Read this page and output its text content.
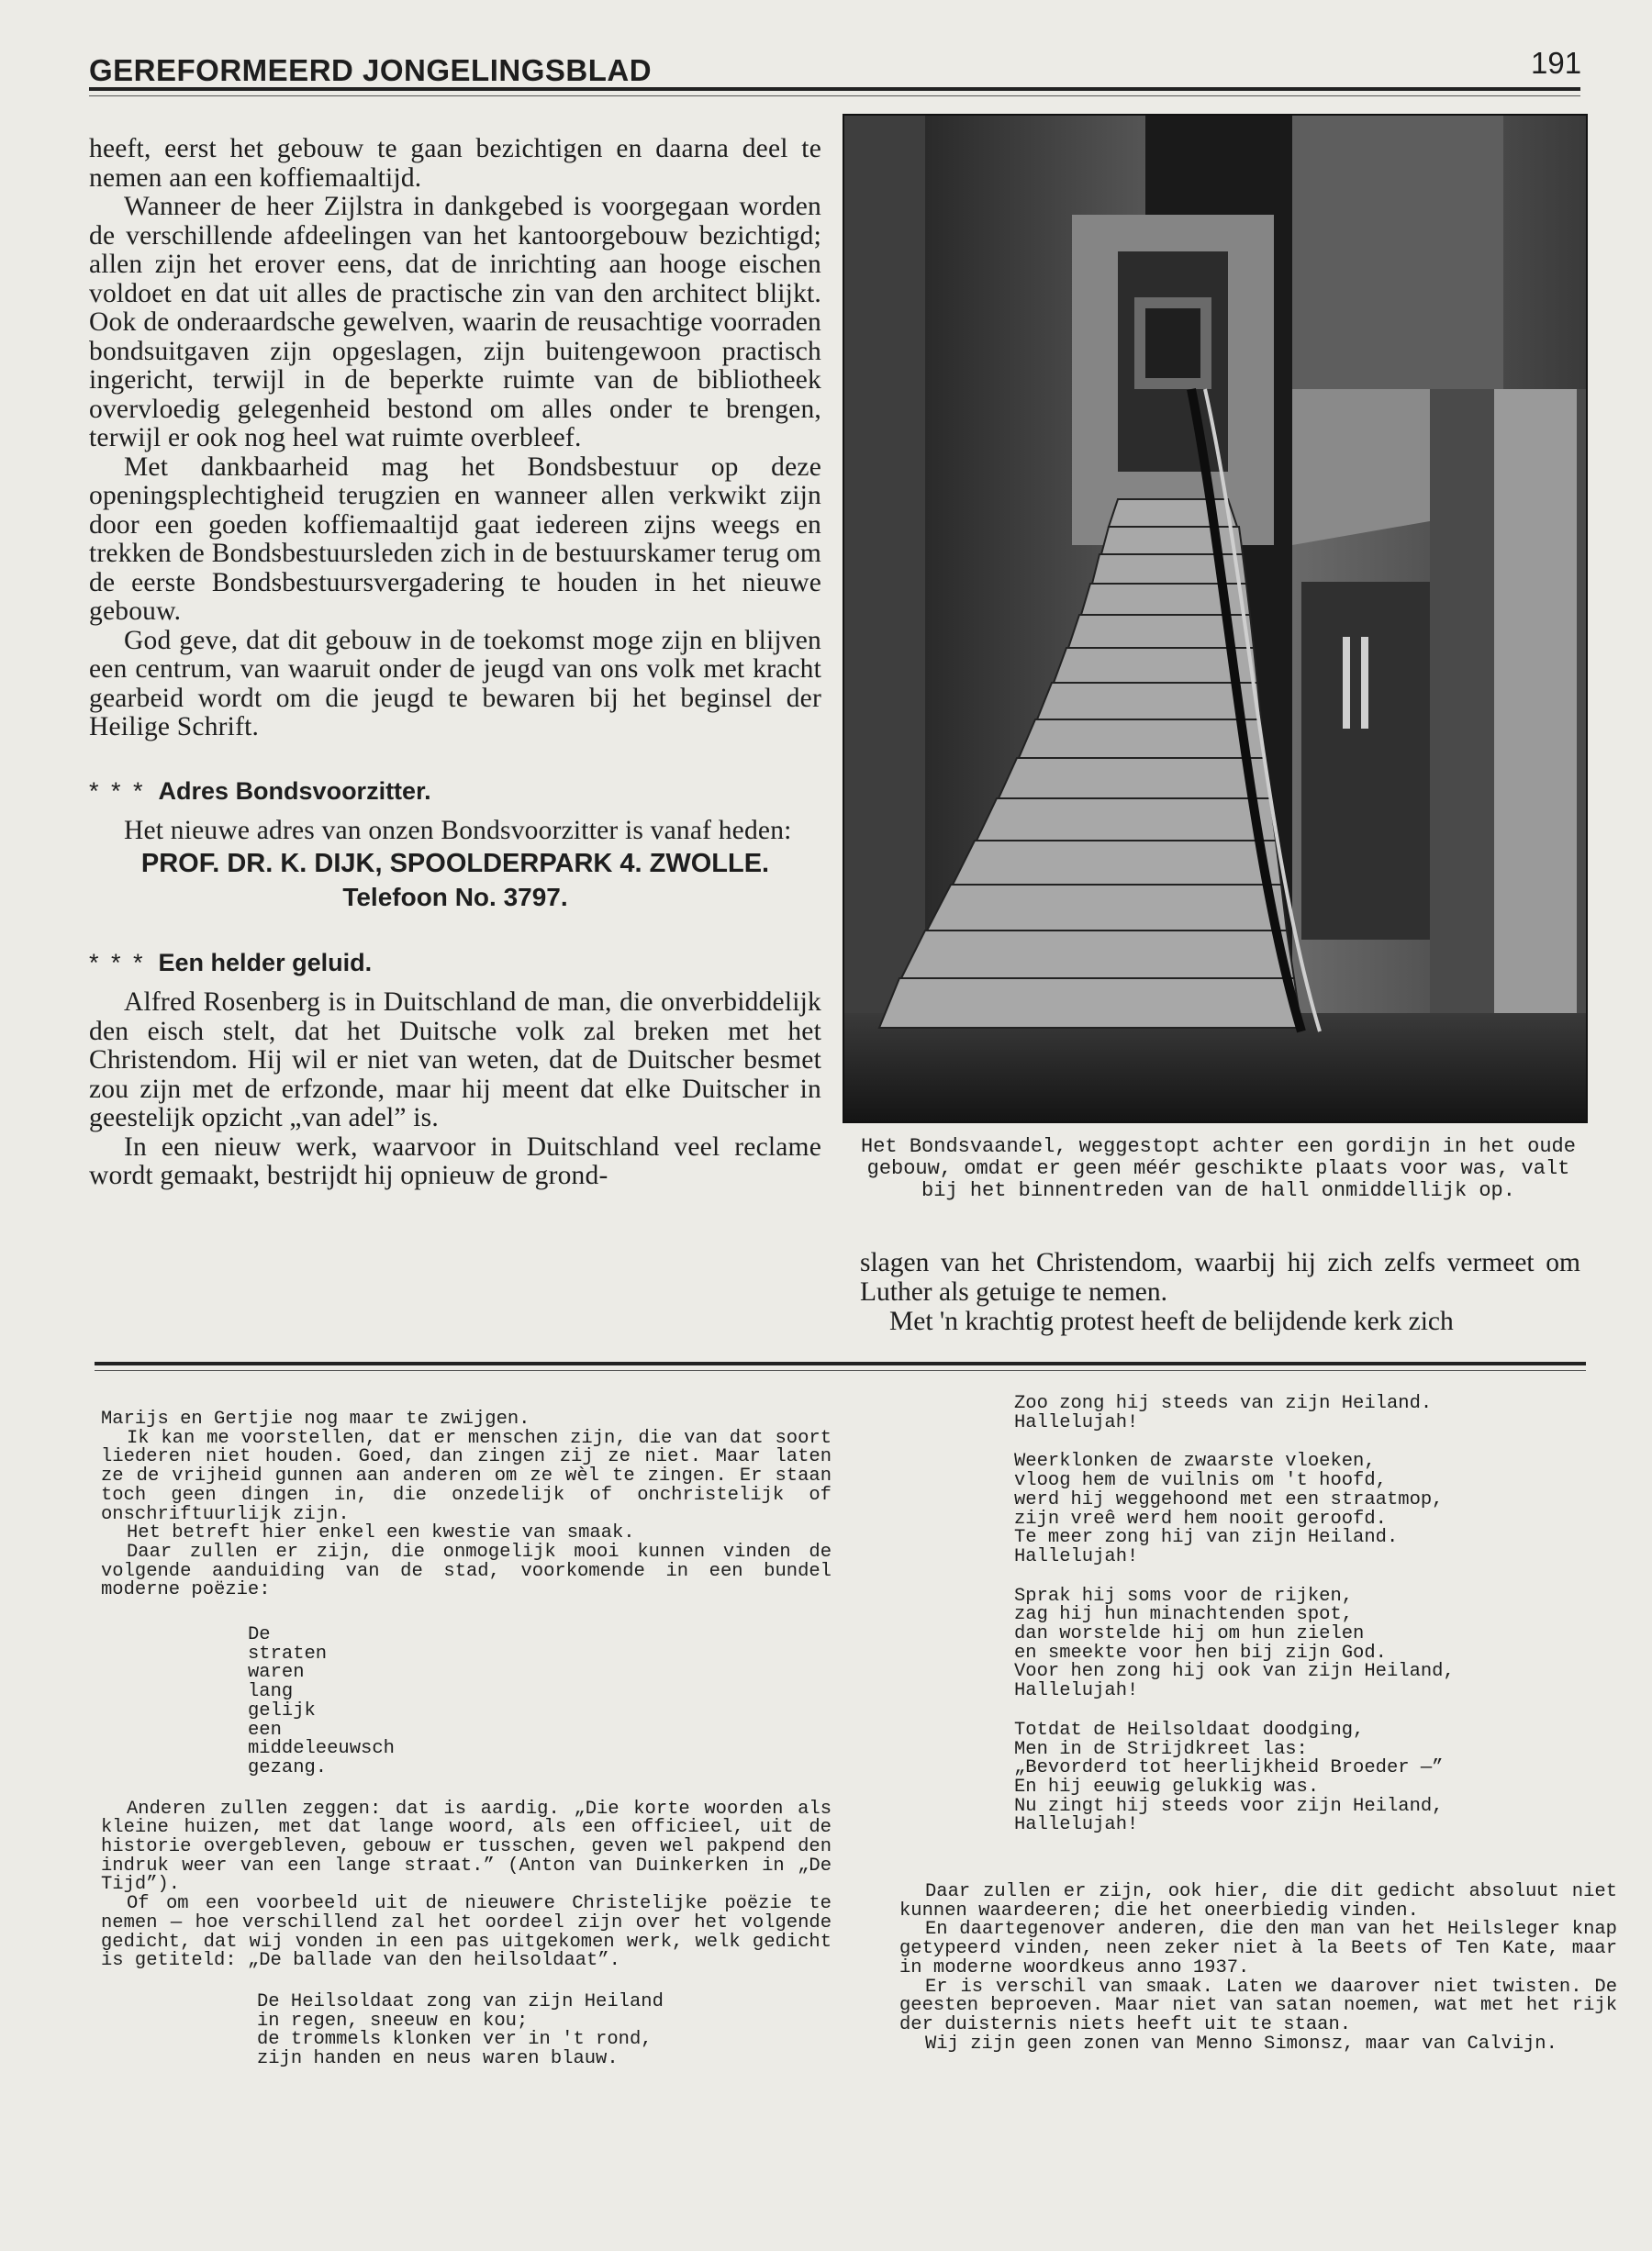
GEREFORMEERD JONGELINGSBLAD	191

heeft, eerst het gebouw te gaan bezichtigen en daarna deel te nemen aan een koffiemaaltijd.

Wanneer de heer Zijlstra in dankgebed is voorgegaan worden de verschillende afdeelingen van het kantoorgebouw bezichtigd; allen zijn het erover eens, dat de inrichting aan hooge eischen voldoet en dat uit alles de practische zin van den architect blijkt. Ook de onderaardsche gewelven, waarin de reusachtige voorraden bondsuitgaven zijn opgeslagen, zijn buitengewoon practisch ingericht, terwijl in de beperkte ruimte van de bibliotheek overvloedig gelegenheid bestond om alles onder te brengen, terwijl er ook nog heel wat ruimte overbleef.

Met dankbaarheid mag het Bondsbestuur op deze openingsplechtigheid terugzien en wanneer allen verkwikt zijn door een goeden koffiemaaltijd gaat iedereen zijns weegs en trekken de Bondsbestuursleden zich in de bestuurskamer terug om de eerste Bondsbestuursvergadering te houden in het nieuwe gebouw.

God geve, dat dit gebouw in de toekomst moge zijn en blijven een centrum, van waaruit onder de jeugd van ons volk met kracht gearbeid wordt om die jeugd te bewaren bij het beginsel der Heilige Schrift.

* * * Adres Bondsvoorzitter.

Het nieuwe adres van onzen Bondsvoorzitter is vanaf heden:

PROF. DR. K. DIJK, SPOOLDERPARK 4. ZWOLLE.
Telefoon No. 3797.
* * * Een helder geluid.

Alfred Rosenberg is in Duitschland de man, die onverbiddelijk den eisch stelt, dat het Duitsche volk zal breken met het Christendom. Hij wil er niet van weten, dat de Duitscher besmet zou zijn met de erfzonde, maar hij meent dat elke Duitscher in geestelijk opzicht „van adel” is.

In een nieuw werk, waarvoor in Duitschland veel reclame wordt gemaakt, bestrijdt hij opnieuw de grond-

Het Bondsvaandel, weggestopt achter een gordijn in het oude gebouw, omdat er geen méér geschikte plaats voor was, valt bij het binnentreden van de hall onmiddellijk op.

slagen van het Christendom, waarbij hij zich zelfs vermeet om Luther als getuige te nemen.

Met 'n krachtig protest heeft de belijdende kerk zich

Marijs en Gertjie nog maar te zwijgen.

Ik kan me voorstellen, dat er menschen zijn, die van dat soort liederen niet houden. Goed, dan zingen zij ze niet. Maar laten ze de vrijheid gunnen aan anderen om ze wèl te zingen. Er staan toch geen dingen in, die onzedelijk of onchristelijk of onschriftuurlijk zijn.

Het betreft hier enkel een kwestie van smaak.

Daar zullen er zijn, die onmogelijk mooi kunnen vinden de volgende aanduiding van de stad, voorkomende in een bundel moderne poëzie:

De

straten

waren

lang

gelijk

een

middeleeuwsch

gezang.

Anderen zullen zeggen: dat is aardig. „Die korte woorden als kleine huizen, met dat lange woord, als een officieel, uit de historie overgebleven, gebouw er tusschen, geven wel pakpend den indruk weer van een lange straat.” (Anton van Duinkerken in „De Tijd”).

Of om een voorbeeld uit de nieuwere Christelijke poëzie te nemen — hoe verschillend zal het oordeel zijn over het volgende gedicht, dat wij vonden in een pas uitgekomen werk, welk gedicht is getiteld: „De ballade van den heilsoldaat”.

De Heilsoldaat zong van zijn Heiland

in regen, sneeuw en kou;

de trommels klonken ver in 't rond,

zijn handen en neus waren blauw.

Zoo zong hij steeds van zijn Heiland.

Hallelujah!

Weerklonken de zwaarste vloeken,

vloog hem de vuilnis om 't hoofd,

werd hij weggehoond met een straatmop,

zijn vreê werd hem nooit geroofd.

Te meer zong hij van zijn Heiland.

Hallelujah!

Sprak hij soms voor de rijken,

zag hij hun minachtenden spot,

dan worstelde hij om hun zielen

en smeekte voor hen bij zijn God.

Voor hen zong hij ook van zijn Heiland,

Hallelujah!

Totdat de Heilsoldaat doodging,

Men in de Strijdkreet las:

„Bevorderd tot heerlijkheid Broeder —”

En hij eeuwig gelukkig was.

Nu zingt hij steeds voor zijn Heiland,

Hallelujah!

Daar zullen er zijn, ook hier, die dit gedicht absoluut niet kunnen waardeeren; die het oneerbiedig vinden.

En daartegenover anderen, die den man van het Heilsleger knap getypeerd vinden, neen zeker niet à la Beets of Ten Kate, maar in moderne woordkeus anno 1937.

Er is verschil van smaak. Laten we daarover niet twisten. De geesten beproeven. Maar niet van satan noemen, wat met het rijk der duisternis niets heeft uit te staan.

Wij zijn geen zonen van Menno Simonsz, maar van Calvijn.
